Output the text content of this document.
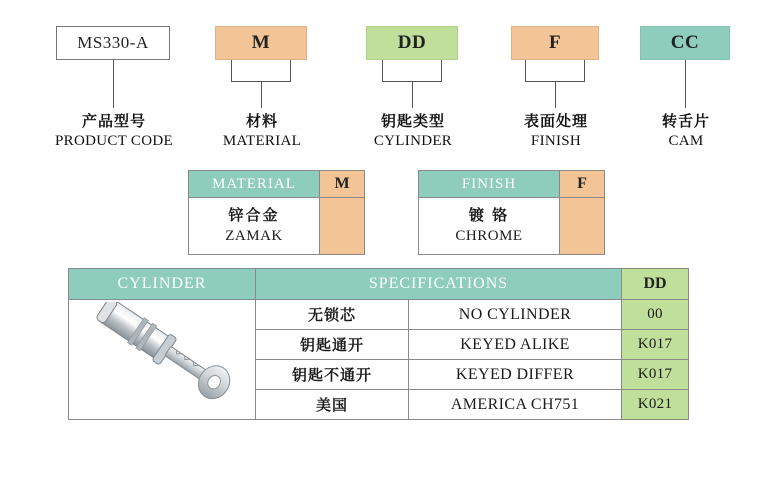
MS330-A	M	DD	F	CC
产品型号
PRODUCT CODE
材料
MATERIAL
钥匙类型
CYLINDER
表面处理
FINISH
转舌片
CAM
MATERIAL	M

锌合金
ZAMAK	

FINISH	F

镀 铬
CHROME	

CYLINDER	SPECIFICATIONS		DD
	无锁芯	NO CYLINDER	00
	钥匙通开	KEYED ALIKE	K017
	钥匙不通开	KEYED DIFFER	K017
	美国	AMERICA CH751	K021
